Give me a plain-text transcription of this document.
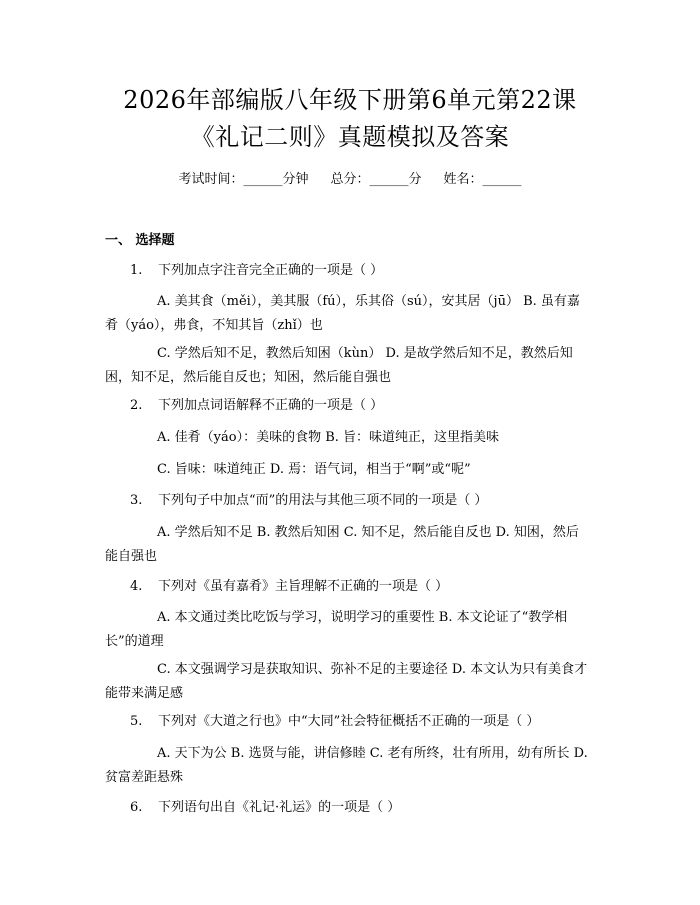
2026年部编版八年级下册第6单元第22课
《礼记二则》真题模拟及答案
考试时间：______分钟 总分：______分 姓名：______
一、 选择题
1. 下列加点字注音完全正确的一项是（ ）
A. 美其食（měi），美其服（fú），乐其俗（sú），安其居（jū） B. 虽有嘉肴（yáo），弗食，不知其旨（zhǐ）也
C. 学然后知不足，教然后知困（kùn） D. 是故学然后知不足，教然后知困，知不足，然后能自反也；知困，然后能自强也
2. 下列加点词语解释不正确的一项是（ ）
A. 佳肴（yáo）：美味的食物 B. 旨：味道纯正，这里指美味
C. 旨味：味道纯正 D. 焉：语气词，相当于“啊”或“呢”
3. 下列句子中加点“而”的用法与其他三项不同的一项是（ ）
A. 学然后知不足 B. 教然后知困 C. 知不足，然后能自反也 D. 知困，然后能自强也
4. 下列对《虽有嘉肴》主旨理解不正确的一项是（ ）
A. 本文通过类比吃饭与学习，说明学习的重要性 B. 本文论证了“教学相长”的道理
C. 本文强调学习是获取知识、弥补不足的主要途径 D. 本文认为只有美食才能带来满足感
5. 下列对《大道之行也》中“大同”社会特征概括不正确的一项是（ ）
A. 天下为公 B. 选贤与能，讲信修睦 C. 老有所终，壮有所用，幼有所长 D. 贫富差距悬殊
6. 下列语句出自《礼记·礼运》的一项是（ ）
